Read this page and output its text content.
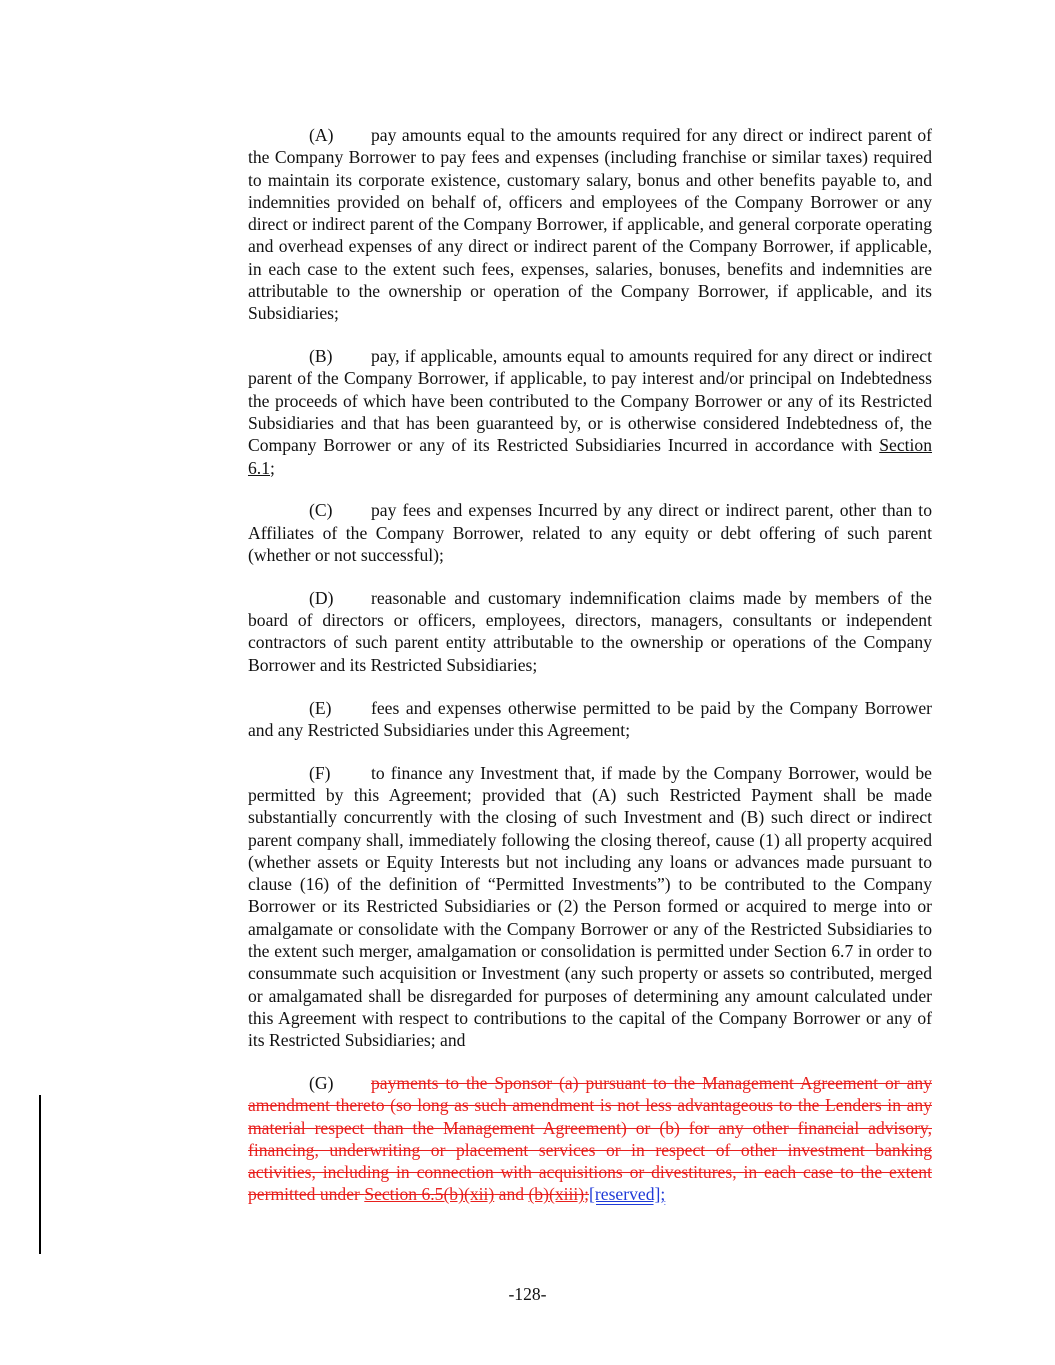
(A) pay amounts equal to the amounts required for any direct or indirect parent of the Company Borrower to pay fees and expenses (including franchise or similar taxes) required to maintain its corporate existence, customary salary, bonus and other benefits payable to, and indemnities provided on behalf of, officers and employees of the Company Borrower or any direct or indirect parent of the Company Borrower, if applicable, and general corporate operating and overhead expenses of any direct or indirect parent of the Company Borrower, if applicable, in each case to the extent such fees, expenses, salaries, bonuses, benefits and indemnities are attributable to the ownership or operation of the Company Borrower, if applicable, and its Subsidiaries;

(B) pay, if applicable, amounts equal to amounts required for any direct or indirect parent of the Company Borrower, if applicable, to pay interest and/or principal on Indebtedness the proceeds of which have been contributed to the Company Borrower or any of its Restricted Subsidiaries and that has been guaranteed by, or is otherwise considered Indebtedness of, the Company Borrower or any of its Restricted Subsidiaries Incurred in accordance with Section 6.1;

(C) pay fees and expenses Incurred by any direct or indirect parent, other than to Affiliates of the Company Borrower, related to any equity or debt offering of such parent (whether or not successful);

(D) reasonable and customary indemnification claims made by members of the board of directors or officers, employees, directors, managers, consultants or independent contractors of such parent entity attributable to the ownership or operations of the Company Borrower and its Restricted Subsidiaries;

(E) fees and expenses otherwise permitted to be paid by the Company Borrower and any Restricted Subsidiaries under this Agreement;

(F) to finance any Investment that, if made by the Company Borrower, would be permitted by this Agreement; provided that (A) such Restricted Payment shall be made substantially concurrently with the closing of such Investment and (B) such direct or indirect parent company shall, immediately following the closing thereof, cause (1) all property acquired (whether assets or Equity Interests but not including any loans or advances made pursuant to clause (16) of the definition of “Permitted Investments”) to be contributed to the Company Borrower or its Restricted Subsidiaries or (2) the Person formed or acquired to merge into or amalgamate or consolidate with the Company Borrower or any of the Restricted Subsidiaries to the extent such merger, amalgamation or consolidation is permitted under Section 6.7 in order to consummate such acquisition or Investment (any such property or assets so contributed, merged or amalgamated shall be disregarded for purposes of determining any amount calculated under this Agreement with respect to contributions to the capital of the Company Borrower or any of its Restricted Subsidiaries; and

(G) payments to the Sponsor (a) pursuant to the Management Agreement or any amendment thereto (so long as such amendment is not less advantageous to the Lenders in any material respect than the Management Agreement) or (b) for any other financial advisory, financing, underwriting or placement services or in respect of other investment banking activities, including in connection with acquisitions or divestitures, in each case to the extent permitted under Section 6.5(b)(xii) and (b)(xiii);[reserved];

-128-
